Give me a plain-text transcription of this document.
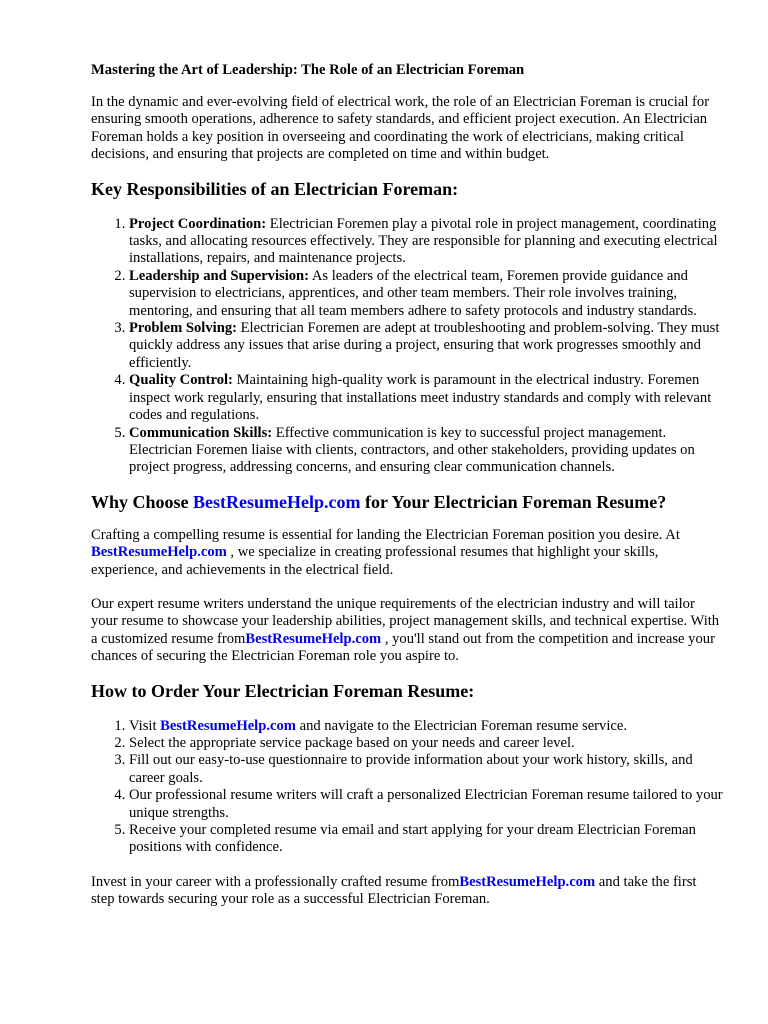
Mastering the Art of Leadership: The Role of an Electrician Foreman

In the dynamic and ever-evolving field of electrical work, the role of an Electrician Foreman is crucial for ensuring smooth operations, adherence to safety standards, and efficient project execution. An Electrician Foreman holds a key position in overseeing and coordinating the work of electricians, making critical decisions, and ensuring that projects are completed on time and within budget.

Key Responsibilities of an Electrician Foreman:

1. Project Coordination: Electrician Foremen play a pivotal role in project management, coordinating tasks, and allocating resources effectively. They are responsible for planning and executing electrical installations, repairs, and maintenance projects.
2. Leadership and Supervision: As leaders of the electrical team, Foremen provide guidance and supervision to electricians, apprentices, and other team members. Their role involves training, mentoring, and ensuring that all team members adhere to safety protocols and industry standards.
3. Problem Solving: Electrician Foremen are adept at troubleshooting and problem-solving. They must quickly address any issues that arise during a project, ensuring that work progresses smoothly and efficiently.
4. Quality Control: Maintaining high-quality work is paramount in the electrical industry. Foremen inspect work regularly, ensuring that installations meet industry standards and comply with relevant codes and regulations.
5. Communication Skills: Effective communication is key to successful project management. Electrician Foremen liaise with clients, contractors, and other stakeholders, providing updates on project progress, addressing concerns, and ensuring clear communication channels.

Why Choose BestResumeHelp.com for Your Electrician Foreman Resume?

Crafting a compelling resume is essential for landing the Electrician Foreman position you desire. At BestResumeHelp.com , we specialize in creating professional resumes that highlight your skills, experience, and achievements in the electrical field.

Our expert resume writers understand the unique requirements of the electrician industry and will tailor your resume to showcase your leadership abilities, project management skills, and technical expertise. With a customized resume fromBestResumeHelp.com , you'll stand out from the competition and increase your chances of securing the Electrician Foreman role you aspire to.

How to Order Your Electrician Foreman Resume:

1. Visit BestResumeHelp.com and navigate to the Electrician Foreman resume service.
2. Select the appropriate service package based on your needs and career level.
3. Fill out our easy-to-use questionnaire to provide information about your work history, skills, and career goals.
4. Our professional resume writers will craft a personalized Electrician Foreman resume tailored to your unique strengths.
5. Receive your completed resume via email and start applying for your dream Electrician Foreman positions with confidence.

Invest in your career with a professionally crafted resume fromBestResumeHelp.com and take the first step towards securing your role as a successful Electrician Foreman.
